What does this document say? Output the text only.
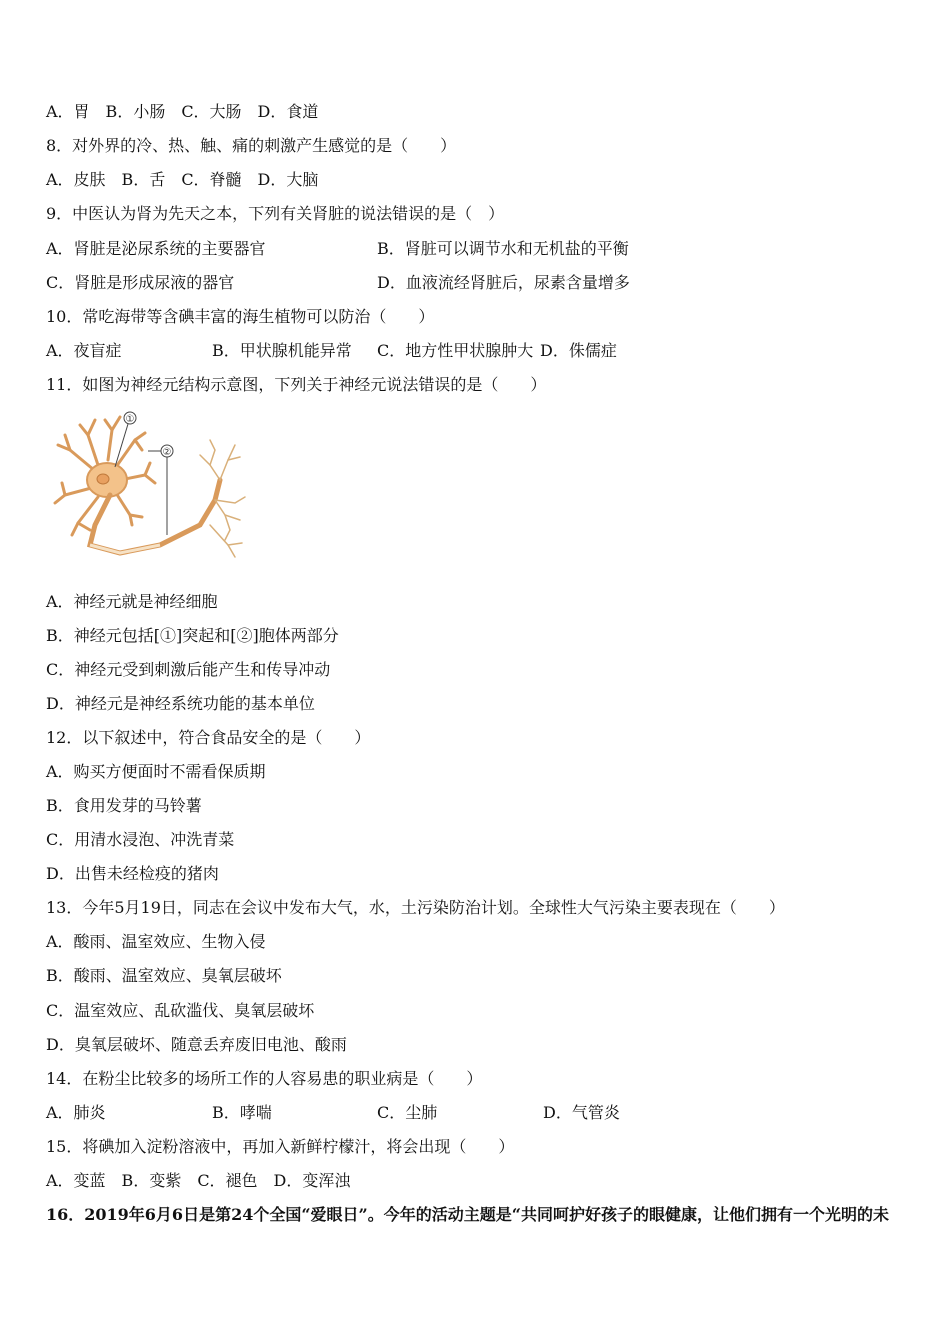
A．胃　B．小肠　C．大肠　D．食道
8．对外界的冷、热、触、痛的刺激产生感觉的是（　　）
A．皮肤　B．舌　C．脊髓　D．大脑
9．中医认为肾为先天之本，下列有关肾脏的说法错误的是（　）
A．肾脏是泌尿系统的主要器官	B．肾脏可以调节水和无机盐的平衡
C．肾脏是形成尿液的器官	D．血液流经肾脏后，尿素含量增多
10．常吃海带等含碘丰富的海生植物可以防治（　　）
A．夜盲症	B．甲状腺机能异常 C．地方性甲状腺肿大 D．侏儒症
11．如图为神经元结构示意图，下列关于神经元说法错误的是（　　）
①
②
A．神经元就是神经细胞
B．神经元包括[①]突起和[②]胞体两部分
C．神经元受到刺激后能产生和传导冲动
D．神经元是神经系统功能的基本单位
12．以下叙述中，符合食品安全的是（　　）
A．购买方便面时不需看保质期
B．食用发芽的马铃薯
C．用清水浸泡、冲洗青菜
D．出售未经检疫的猪肉
13．今年5月19日，同志在会议中发布大气，水，土污染防治计划。全球性大气污染主要表现在（　　）
A．酸雨、温室效应、生物入侵
B．酸雨、温室效应、臭氧层破坏
C．温室效应、乱砍滥伐、臭氧层破坏
D．臭氧层破坏、随意丢弃废旧电池、酸雨
14．在粉尘比较多的场所工作的人容易患的职业病是（　　）
A．肺炎	B．哮喘	C．尘肺	D．气管炎
15．将碘加入淀粉溶液中，再加入新鲜柠檬汁，将会出现（　　）
A．变蓝　B．变紫　C．褪色　D．变浑浊
16．2019年6月6日是第24个全国“爱眼日”。今年的活动主题是“共同呵护好孩子的眼健康，让他们拥有一个光明的未
